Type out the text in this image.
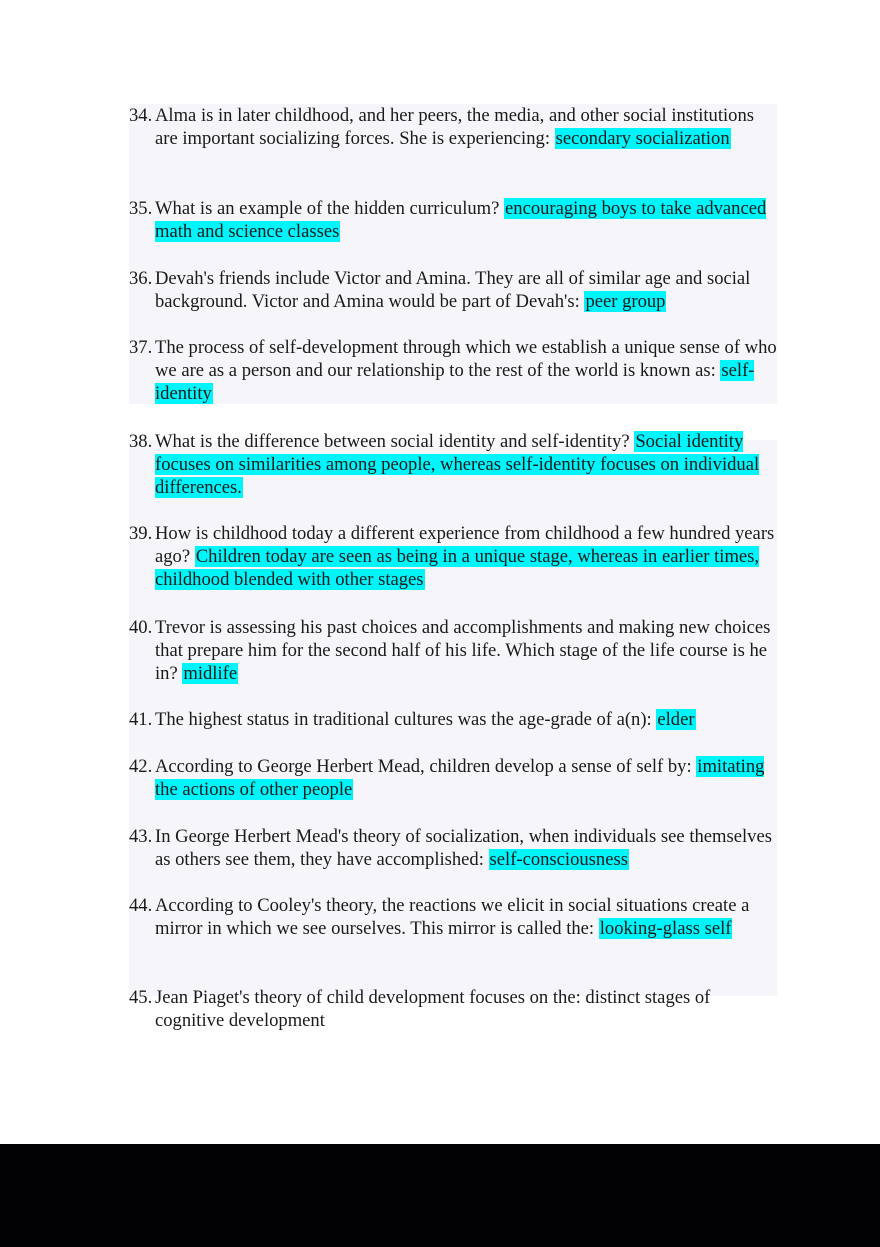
34. Alma is in later childhood, and her peers, the media, and other social institutions are important socializing forces. She is experiencing: secondary socialization
35. What is an example of the hidden curriculum? encouraging boys to take advanced math and science classes
36. Devah's friends include Victor and Amina. They are all of similar age and social background. Victor and Amina would be part of Devah's: peer group
37. The process of self-development through which we establish a unique sense of who we are as a person and our relationship to the rest of the world is known as: self-identity
38. What is the difference between social identity and self-identity? Social identity focuses on similarities among people, whereas self-identity focuses on individual differences.
39. How is childhood today a different experience from childhood a few hundred years ago? Children today are seen as being in a unique stage, whereas in earlier times, childhood blended with other stages
40. Trevor is assessing his past choices and accomplishments and making new choices that prepare him for the second half of his life. Which stage of the life course is he in? midlife
41. The highest status in traditional cultures was the age-grade of a(n): elder
42. According to George Herbert Mead, children develop a sense of self by: imitating the actions of other people
43. In George Herbert Mead's theory of socialization, when individuals see themselves as others see them, they have accomplished: self-consciousness
44. According to Cooley's theory, the reactions we elicit in social situations create a mirror in which we see ourselves. This mirror is called the: looking-glass self
45. Jean Piaget's theory of child development focuses on the: distinct stages of cognitive development
